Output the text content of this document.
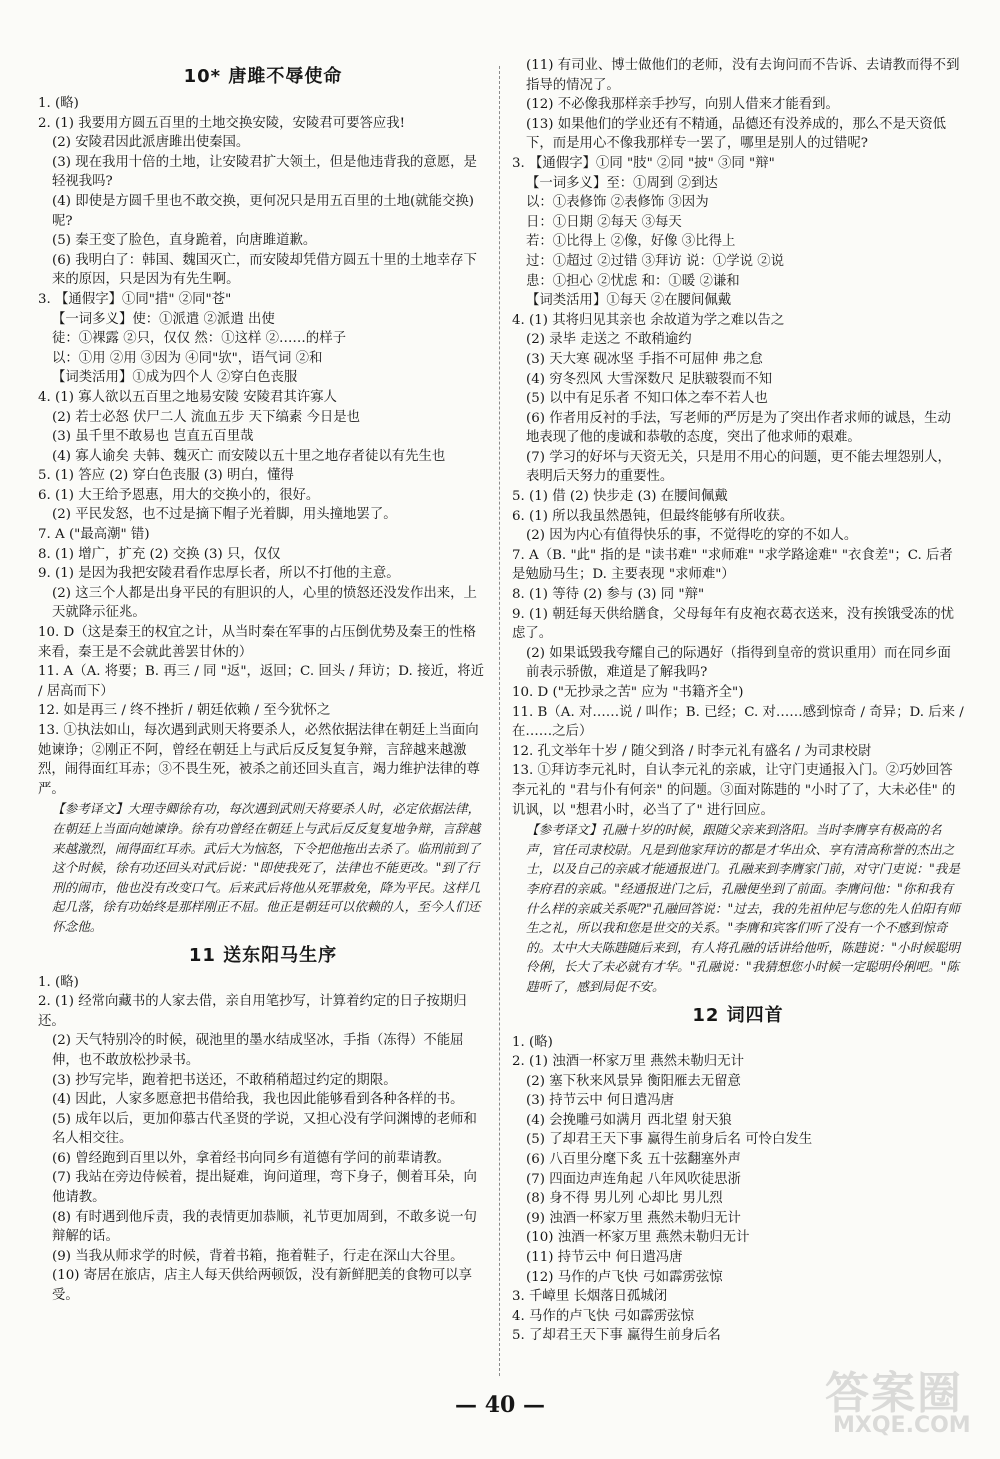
10* 唐雎不辱使命
1. (略)
2. (1) 我要用方圆五百里的土地交换安陵，安陵君可要答应我!
(2) 安陵君因此派唐雎出使秦国。
(3) 现在我用十倍的土地，让安陵君扩大领土，但是他违背我的意愿，是轻视我吗?
(4) 即使是方圆千里也不敢交换，更何况只是用五百里的土地(就能交换)呢?
(5) 秦王变了脸色，直身跪着，向唐雎道歉。
(6) 我明白了：韩国、魏国灭亡，而安陵却凭借方圆五十里的土地幸存下来的原因，只是因为有先生啊。
3. 【通假字】①同"措" ②同"苍"
【一词多义】使：①派遣 ②派遣 出使
徒：①裸露 ②只，仅仅 然：①这样 ②……的样子
以：①用 ②用 ③因为 ④同"欤"，语气词 ②和
【词类活用】①成为四个人 ②穿白色丧服
4. (1) 寡人欲以五百里之地易安陵 安陵君其许寡人
(2) 若士必怒 伏尸二人 流血五步 天下缟素 今日是也
(3) 虽千里不敢易也 岂直五百里哉
(4) 寡人谕矣 夫韩、魏灭亡 而安陵以五十里之地存者徒以有先生也
5. (1) 答应 (2) 穿白色丧服 (3) 明白，懂得
6. (1) 大王给予恩惠，用大的交换小的，很好。
(2) 平民发怒，也不过是摘下帽子光着脚，用头撞地罢了。
7. A ("最高潮" 错)
8. (1) 增广，扩充 (2) 交换 (3) 只，仅仅
9. (1) 是因为我把安陵君看作忠厚长者，所以不打他的主意。
(2) 这三个人都是出身平民的有胆识的人，心里的愤怒还没发作出来，上天就降示征兆。
10. D（这是秦王的权宜之计，从当时秦在军事的占压倒优势及秦王的性格来看，秦王是不会就此善罢甘休的）
11. A（A. 将要；B. 再三 / 同 "返"，返回；C. 回头 / 拜访；D. 接近，将近 / 居高而下）
12. 如是再三 / 终不挫折 / 朝廷依赖 / 至今犹怀之
13. ①执法如山，每次遇到武则天将要杀人，必然依据法律在朝廷上当面向她谏诤；②刚正不阿，曾经在朝廷上与武后反反复复争辩，言辞越来越激烈，闹得面红耳赤；③不畏生死，被杀之前还回头直言，竭力维护法律的尊严。
【参考译文】大理寺卿徐有功，每次遇到武则天将要杀人时，必定依据法律，在朝廷上当面向她谏诤。徐有功曾经在朝廷上与武后反反复复地争辩，言辞越来越激烈，闹得面红耳赤。武后大为恼怒，下令把他拖出去杀了。临刑前到了这个时候，徐有功还回头对武后说："即使我死了，法律也不能更改。"到了行刑的闹市，他也没有改变口气。后来武后将他从死罪赦免，降为平民。这样几起几落，徐有功始终是那样刚正不屈。他正是朝廷可以依赖的人，至今人们还怀念他。
11 送东阳马生序
1. (略)
2. (1) 经常向藏书的人家去借，亲自用笔抄写，计算着约定的日子按期归还。
(2) 天气特别冷的时候，砚池里的墨水结成坚冰，手指（冻得）不能屈伸，也不敢放松抄录书。
(3) 抄写完毕，跑着把书送还，不敢稍稍超过约定的期限。
(4) 因此，人家多愿意把书借给我，我也因此能够看到各种各样的书。
(5) 成年以后，更加仰慕古代圣贤的学说，又担心没有学问渊博的老师和名人相交往。
(6) 曾经跑到百里以外，拿着经书向同乡有道德有学问的前辈请教。
(7) 我站在旁边侍候着，提出疑难，询问道理，弯下身子，侧着耳朵，向他请教。
(8) 有时遇到他斥责，我的表情更加恭顺，礼节更加周到，不敢多说一句辩解的话。
(9) 当我从师求学的时候，背着书箱，拖着鞋子，行走在深山大谷里。
(10) 寄居在旅店，店主人每天供给两顿饭，没有新鲜肥美的食物可以享受。
(11) 有司业、博士做他们的老师，没有去询问而不告诉、去请教而得不到指导的情况了。
(12) 不必像我那样亲手抄写，向别人借来才能看到。
(13) 如果他们的学业还有不精通，品德还有没养成的，那么不是天资低下，而是用心不像我那样专一罢了，哪里是别人的过错呢?
3. 【通假字】①同 "肢" ②同 "披" ③同 "辩"
【一词多义】至：①周到 ②到达
以：①表修饰 ②表修饰 ③因为
日：①日期 ②每天 ③每天
若：①比得上 ②像，好像 ③比得上
过：①超过 ②过错 ③拜访 说：①学说 ②说
患：①担心 ②忧虑 和：①暖 ②谦和
【词类活用】①每天 ②在腰间佩戴
4. (1) 其将归见其亲也 余故道为学之难以告之
(2) 录毕 走送之 不敢稍逾约
(3) 天大寒 砚冰坚 手指不可屈伸 弗之怠
(4) 穷冬烈风 大雪深数尺 足肤皲裂而不知
(5) 以中有足乐者 不知口体之奉不若人也
(6) 作者用反衬的手法，写老师的严厉是为了突出作者求师的诚恳，生动地表现了他的虔诚和恭敬的态度，突出了他求师的艰难。
(7) 学习的好坏与天资无关，只是用不用心的问题，更不能去埋怨别人，表明后天努力的重要性。
5. (1) 借 (2) 快步走 (3) 在腰间佩戴
6. (1) 所以我虽然愚钝，但最终能够有所收获。
(2) 因为内心有值得快乐的事，不觉得吃的穿的不如人。
7. A（B. "此" 指的是 "读书难" "求师难" "求学路途难" "衣食差"；C. 后者是勉励马生；D. 主要表现 "求师难"）
8. (1) 等待 (2) 参与 (3) 同 "辩"
9. (1) 朝廷每天供给膳食，父母每年有皮袍衣葛衣送来，没有挨饿受冻的忧虑了。
(2) 如果诋毁我夸耀自己的际遇好（指得到皇帝的赏识重用）而在同乡面前表示骄傲，难道是了解我吗?
10. D ("无抄录之苦" 应为 "书籍齐全")
11. B（A. 对……说 / 叫作；B. 已经；C. 对……感到惊奇 / 奇异；D. 后来 / 在……之后）
12. 孔文举年十岁 / 随父到洛 / 时李元礼有盛名 / 为司隶校尉
13. ①拜访李元礼时，自认李元礼的亲戚，让守门吏通报入门。②巧妙回答李元礼的 "君与仆有何亲" 的问题。③面对陈韪的 "小时了了，大未必佳" 的讥讽，以 "想君小时，必当了了" 进行回应。
【参考译文】孔融十岁的时候，跟随父亲来到洛阳。当时李膺享有极高的名声，官任司隶校尉。凡是到他家拜访的都是才华出众、享有清高称誉的杰出之士，以及自己的亲戚才能通报进门。孔融来到李膺家门前，对守门吏说："我是李府君的亲戚。"经通报进门之后，孔融便坐到了前面。李膺问他："你和我有什么样的亲戚关系呢?"孔融回答说："过去，我的先祖仲尼与您的先人伯阳有师生之礼，所以我和您是世交的关系。"李膺和宾客们听了没有一个不感到惊奇的。太中大夫陈韪随后来到，有人将孔融的话讲给他听，陈韪说："小时候聪明伶俐，长大了未必就有才华。"孔融说："我猜想您小时候一定聪明伶俐吧。"陈韪听了，感到局促不安。
12 词四首
1. (略)
2. (1) 浊酒一杯家万里 燕然未勒归无计
(2) 塞下秋来风景异 衡阳雁去无留意
(3) 持节云中 何日遣冯唐
(4) 会挽雕弓如满月 西北望 射天狼
(5) 了却君王天下事 赢得生前身后名 可怜白发生
(6) 八百里分麾下炙 五十弦翻塞外声
(7) 四面边声连角起 八年风吹徒思浙
(8) 身不得 男儿列 心却比 男儿烈
(9) 浊酒一杯家万里 燕然未勒归无计
(10) 浊酒一杯家万里 燕然未勒归无计
(11) 持节云中 何日遣冯唐
(12) 马作的卢飞快 弓如霹雳弦惊
3. 千嶂里 长烟落日孤城闭
4. 马作的卢飞快 弓如霹雳弦惊
5. 了却君王天下事 赢得生前身后名
— 40 —	答案圈
MXQE.COM
